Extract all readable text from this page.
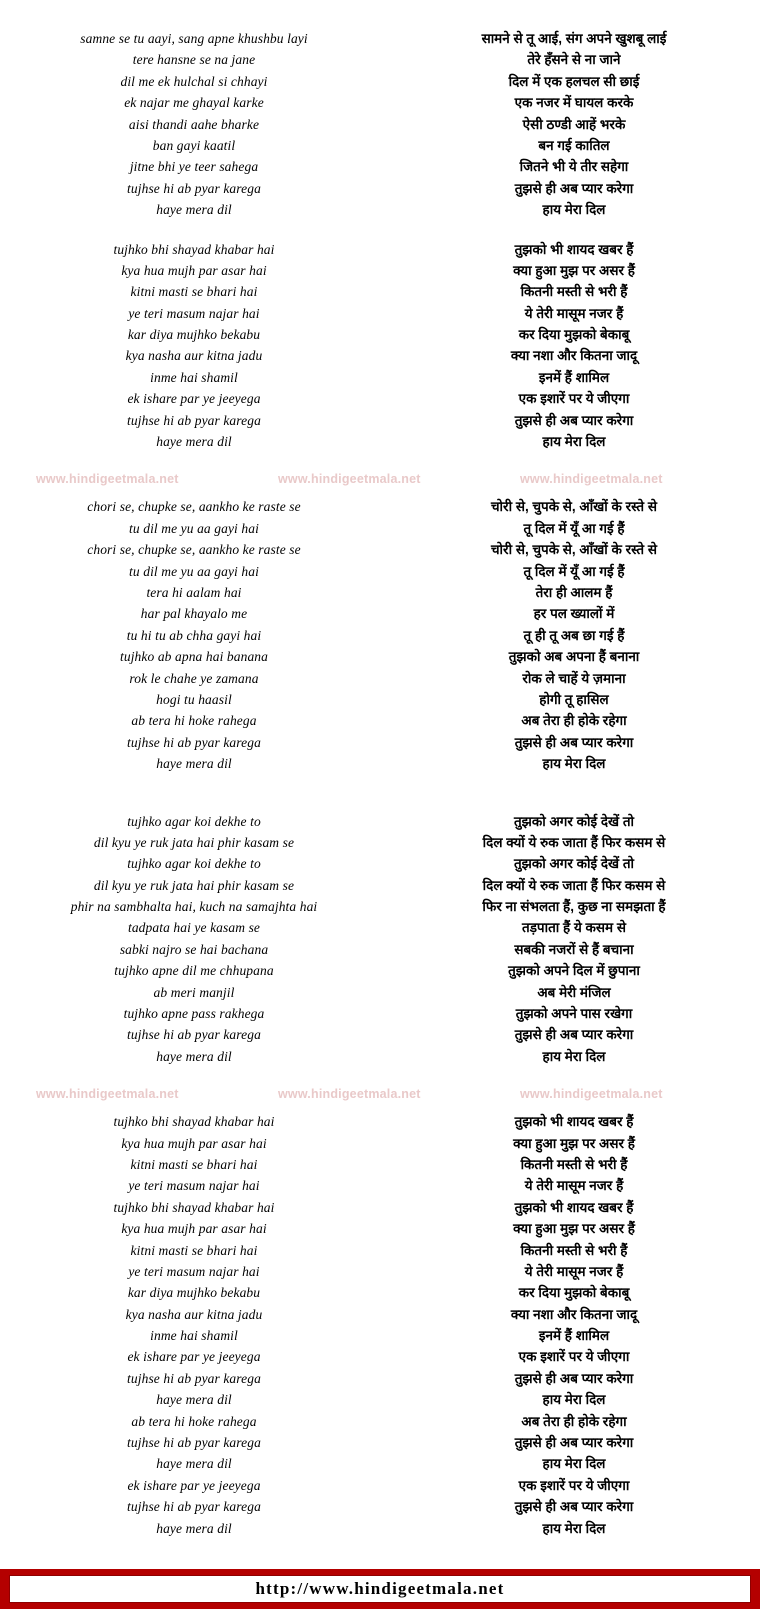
samne se tu aayi, sang apne khushbu layi	सामने से तू आई, संग अपने खुशबू लाई
tere hansne se na jane	तेरे हँसने से ना जाने
dil me ek hulchal si chhayi	दिल में एक हलचल सी छाई
ek najar me ghayal karke	एक नजर में घायल करके
aisi thandi aahe bharke	ऐसी ठण्डी आहें भरके
ban gayi kaatil	बन गई कातिल
jitne bhi ye teer sahega	जितने भी ये तीर सहेगा
tujhse hi ab pyar karega	तुझसे ही अब प्यार करेगा
haye mera dil	हाय मेरा दिल
tujhko bhi shayad khabar hai	तुझको भी शायद खबर हैं
kya hua mujh par asar hai	क्या हुआ मुझ पर असर हैं
kitni masti se bhari hai	कितनी मस्ती से भरी हैं
ye teri masum najar hai	ये तेरी मासूम नजर हैं
kar diya mujhko bekabu	कर दिया मुझको बेकाबू
kya nasha aur kitna jadu	क्या नशा और कितना जादू
inme hai shamil	इनमें हैं शामिल
ek ishare par ye jeeyega	एक इशारें पर ये जीएगा
tujhse hi ab pyar karega	तुझसे ही अब प्यार करेगा
haye mera dil	हाय मेरा दिल
www.hindigeetmala.net	www.hindigeetmala.net	www.hindigeetmala.net
chori se, chupke se, aankho ke raste se	चोरी से, चुपके से, आँखों के रस्ते से
tu dil me yu aa gayi hai	तू दिल में यूँ आ गई हैं
chori se, chupke se, aankho ke raste se	चोरी से, चुपके से, आँखों के रस्ते से
tu dil me yu aa gayi hai	तू दिल में यूँ आ गई हैं
tera hi aalam hai	तेरा ही आलम हैं
har pal khayalo me	हर पल ख्यालों में
tu hi tu ab chha gayi hai	तू ही तू अब छा गई हैं
tujhko ab apna hai banana	तुझको अब अपना हैं बनाना
rok le chahe ye zamana	रोक ले चाहें ये ज़माना
hogi tu haasil	होगी तू हासिल
ab tera hi hoke rahega	अब तेरा ही होके रहेगा
tujhse hi ab pyar karega	तुझसे ही अब प्यार करेगा
haye mera dil	हाय मेरा दिल
tujhko agar koi dekhe to	तुझको अगर कोई देखें तो
dil kyu ye ruk jata hai phir kasam se	दिल क्यों ये रुक जाता हैं फिर कसम से
tujhko agar koi dekhe to	तुझको अगर कोई देखें तो
dil kyu ye ruk jata hai phir kasam se	दिल क्यों ये रुक जाता हैं फिर कसम से
phir na sambhalta hai, kuch na samajhta hai	फिर ना संभलता हैं, कुछ ना समझता हैं
tadpata hai ye kasam se	तड़पाता हैं ये कसम से
sabki najro se hai bachana	सबकी नजरों से हैं बचाना
tujhko apne dil me chhupana	तुझको अपने दिल में छुपाना
ab meri manjil	अब मेरी मंजिल
tujhko apne pass rakhega	तुझको अपने पास रखेगा
tujhse hi ab pyar karega	तुझसे ही अब प्यार करेगा
haye mera dil	हाय मेरा दिल
www.hindigeetmala.net	www.hindigeetmala.net	www.hindigeetmala.net
tujhko bhi shayad khabar hai	तुझको भी शायद खबर हैं
kya hua mujh par asar hai	क्या हुआ मुझ पर असर हैं
kitni masti se bhari hai	कितनी मस्ती से भरी हैं
ye teri masum najar hai	ये तेरी मासूम नजर हैं
tujhko bhi shayad khabar hai	तुझको भी शायद खबर हैं
kya hua mujh par asar hai	क्या हुआ मुझ पर असर हैं
kitni masti se bhari hai	कितनी मस्ती से भरी हैं
ye teri masum najar hai	ये तेरी मासूम नजर हैं
kar diya mujhko bekabu	कर दिया मुझको बेकाबू
kya nasha aur kitna jadu	क्या नशा और कितना जादू
inme hai shamil	इनमें हैं शामिल
ek ishare par ye jeeyega	एक इशारें पर ये जीएगा
tujhse hi ab pyar karega	तुझसे ही अब प्यार करेगा
haye mera dil	हाय मेरा दिल
ab tera hi hoke rahega	अब तेरा ही होके रहेगा
tujhse hi ab pyar karega	तुझसे ही अब प्यार करेगा
haye mera dil	हाय मेरा दिल
ek ishare par ye jeeyega	एक इशारें पर ये जीएगा
tujhse hi ab pyar karega	तुझसे ही अब प्यार करेगा
haye mera dil	हाय मेरा दिल
http://www.hindigeetmala.net
